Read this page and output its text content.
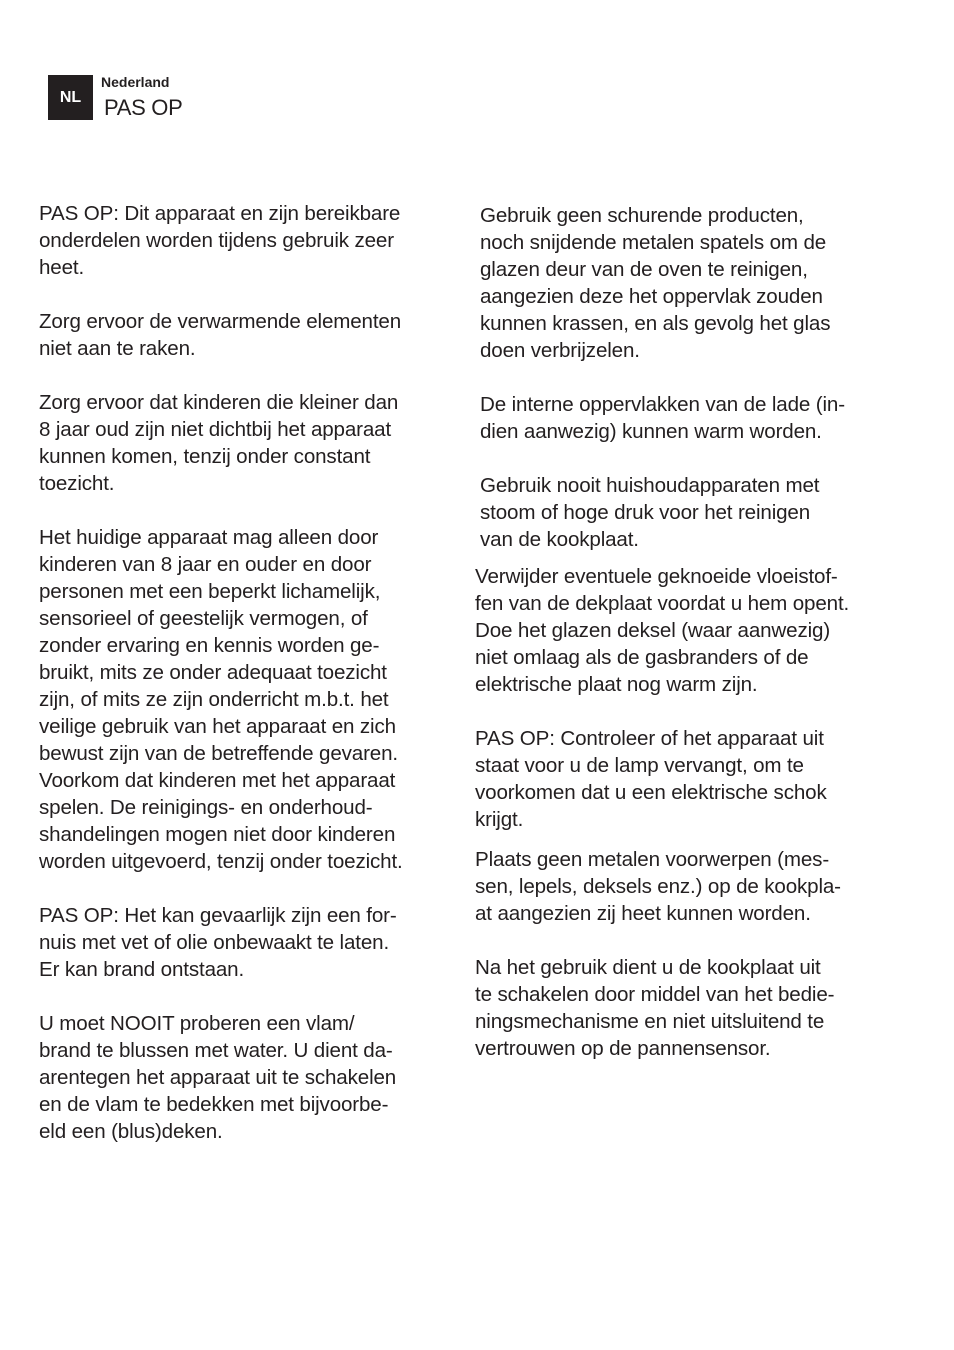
NL
Nederland
PAS OP

PAS OP: Dit apparaat en zijn bereikbare
onderdelen worden tijdens gebruik zeer
heet.

Zorg ervoor de verwarmende elementen
niet aan te raken.

Zorg ervoor dat kinderen die kleiner dan
8 jaar oud zijn niet dichtbij het apparaat
kunnen komen, tenzij onder constant
toezicht.

Het huidige apparaat mag alleen door
kinderen van 8 jaar en ouder en door
personen met een beperkt lichamelijk,
sensorieel of geestelijk vermogen, of
zonder ervaring en kennis worden ge-
bruikt, mits ze onder adequaat toezicht
zijn, of mits ze zijn onderricht m.b.t. het
veilige gebruik van het apparaat en zich
bewust zijn van de betreffende gevaren.
Voorkom dat kinderen met het apparaat
spelen. De reinigings- en onderhoud-
shandelingen mogen niet door kinderen
worden uitgevoerd, tenzij onder toezicht.

PAS OP: Het kan gevaarlijk zijn een for-
nuis met vet of olie onbewaakt te laten.
Er kan brand ontstaan.

U moet NOOIT proberen een vlam/
brand te blussen met water. U dient da-
arentegen het apparaat uit te schakelen
en de vlam te bedekken met bijvoorbe-
eld een (blus)deken.

Gebruik geen schurende producten,
noch snijdende metalen spatels om de
glazen deur van de oven te reinigen,
aangezien deze het oppervlak zouden
kunnen krassen, en als gevolg het glas
doen verbrijzelen.

De interne oppervlakken van de lade (in-
dien aanwezig) kunnen warm worden.

Gebruik nooit huishoudapparaten met
stoom of hoge druk voor het reinigen
van de kookplaat.

Verwijder eventuele geknoeide vloeistof-
fen van de dekplaat voordat u hem opent.
Doe het glazen deksel (waar aanwezig)
niet omlaag als de gasbranders of de
elektrische plaat nog warm zijn.

PAS OP: Controleer of het apparaat uit
staat voor u de lamp vervangt, om te
voorkomen dat u een elektrische schok
krijgt.

Plaats geen metalen voorwerpen (mes-
sen, lepels, deksels enz.) op de kookpla-
at aangezien zij heet kunnen worden.

Na het gebruik dient u de kookplaat uit
te schakelen door middel van het bedie-
ningsmechanisme en niet uitsluitend te
vertrouwen op de pannensensor.
